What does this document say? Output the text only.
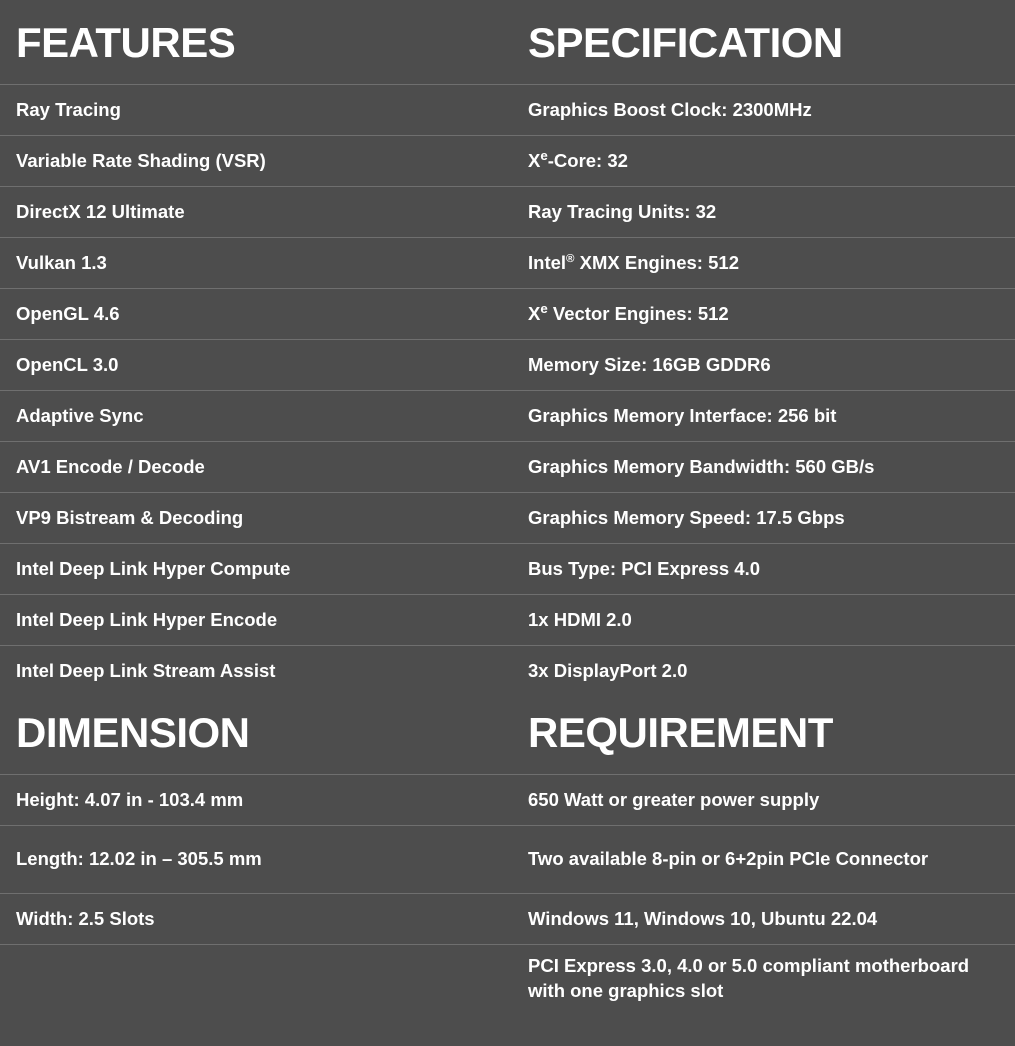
FEATURES
Ray Tracing
Variable Rate Shading (VSR)
DirectX 12 Ultimate
Vulkan 1.3
OpenGL 4.6
OpenCL 3.0
Adaptive Sync
AV1 Encode / Decode
VP9 Bistream & Decoding
Intel Deep Link Hyper Compute
Intel Deep Link Hyper Encode
Intel Deep Link Stream Assist
SPECIFICATION
Graphics Boost Clock: 2300MHz
Xe-Core: 32
Ray Tracing Units: 32
Intel® XMX Engines: 512
Xe Vector Engines: 512
Memory Size: 16GB GDDR6
Graphics Memory Interface: 256 bit
Graphics Memory Bandwidth: 560 GB/s
Graphics Memory Speed: 17.5 Gbps
Bus Type: PCI Express 4.0
1x HDMI 2.0
3x DisplayPort 2.0
DIMENSION
Height: 4.07 in - 103.4 mm
Length: 12.02 in – 305.5 mm
Width: 2.5 Slots

REQUIREMENT
650 Watt or greater power supply
Two available 8-pin or 6+2pin PCIe Connector
Windows 11, Windows 10, Ubuntu 22.04
PCI Express 3.0, 4.0 or 5.0 compliant motherboard with one graphics slot
